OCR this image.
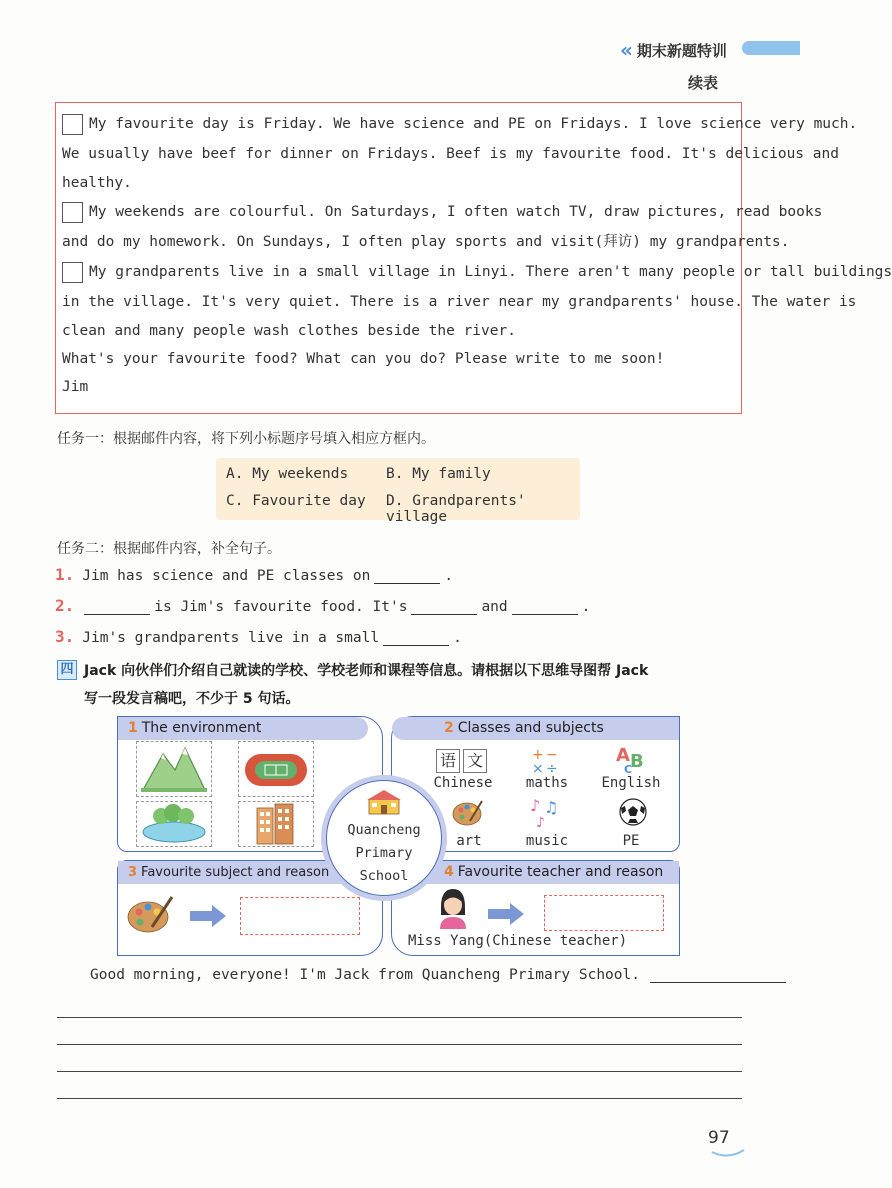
« 期末新题特训
续表
My favourite day is Friday. We have science and PE on Fridays. I love science very much.
We usually have beef for dinner on Fridays. Beef is my favourite food. It's delicious and
healthy.
My weekends are colourful. On Saturdays, I often watch TV, draw pictures, read books
and do my homework. On Sundays, I often play sports and visit(拜访) my grandparents.
My grandparents live in a small village in Linyi. There aren't many people or tall buildings
in the village. It's very quiet. There is a river near my grandparents' house. The water is
clean and many people wash clothes beside the river.
What's your favourite food? What can you do? Please write to me soon!
Jim
任务一：根据邮件内容，将下列小标题序号填入相应方框内。
A. My weekends	B. My family
C. Favourite day D. Grandparents' village
任务二：根据邮件内容，补全句子。
1. Jim has science and PE classes on	.
2.	is Jim's favourite food. It's	and	.
3. Jim's grandparents live in a small	.
四 Jack 向伙伴们介绍自己就读的学校、学校老师和课程等信息。请根据以下思维导图帮 Jack
写一段发言稿吧，不少于 5 句话。
1 The environment	2 Classes and subjects
语 文
Chinese
+ −
× ÷
maths
A B
C
English
art
♪ ♫
♪
music	PE
3 Favourite subject and reason	4 Favourite teacher and reason
Miss Yang(Chinese teacher)
Quancheng
Primary
School
Good morning, everyone! I'm Jack from Quancheng Primary School.
97
